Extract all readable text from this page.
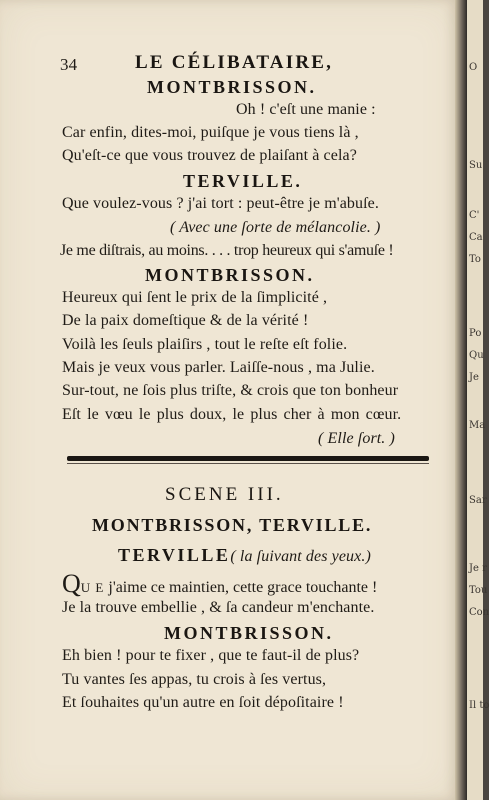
34	LE CÉLIBATAIRE,
MONTBRISSON.
Oh ! c'eſt une manie :
Car enfin, dites-moi, puiſque je vous tiens là ,
Qu'eſt-ce que vous trouvez de plaiſant à cela?
TERVILLE.
Que voulez-vous ? j'ai tort : peut-être je m'abuſe.
( Avec une ſorte de mélancolie. )
Je me diſtrais, au moins. . . . trop heureux qui s'amuſe !
MONTBRISSON.
Heureux qui ſent le prix de la ſimplicité ,
De la paix domeſtique & de la vérité !
Voilà les ſeuls plaiſirs , tout le reſte eſt folie.
Mais je veux vous parler. Laiſſe-nous , ma Julie.
Sur-tout, ne ſois plus triſte, & crois que ton bonheur
Eſt le vœu le plus doux, le plus cher à mon cœur.
( Elle ſort. )
SCENE III.
MONTBRISSON, TERVILLE.
TERVILLE( la ſuivant des yeux.)
QU E j'aime ce maintien, cette grace touchante !
Je la trouve embellie , & ſa candeur m'enchante.
MONTBRISSON.
Eh bien ! pour te fixer , que te faut-il de plus?
Tu vantes ſes appas, tu crois à ſes vertus,
Et ſouhaites qu'un autre en ſoit dépoſitaire !
O
Su
C'
Ca
To
Po
Qu
Je
Ma
Sar
Je r
Tou
Con
Il to
